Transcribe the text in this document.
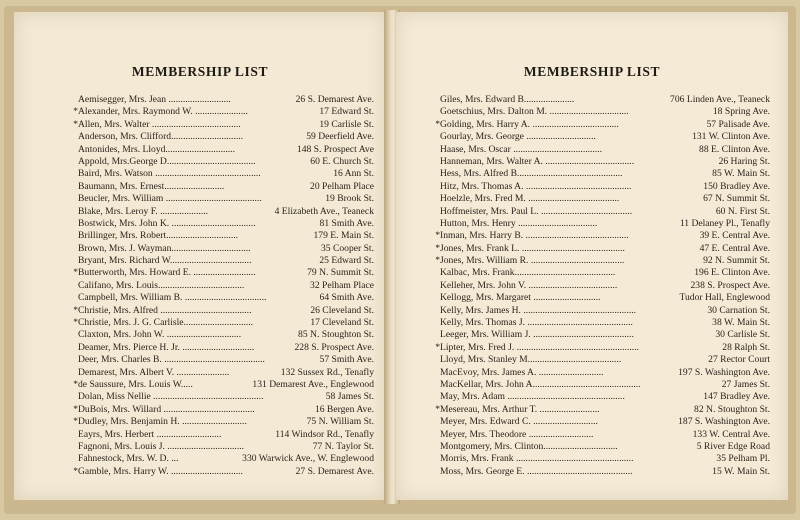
MEMBERSHIP LIST
Aemisegger, Mrs. Jean ..........................	26 S. Demarest Ave.
* Alexander, Mrs. Raymond W. ......................	17 Edward St.
* Allen, Mrs. Walter .....................................	19 Carlisle St.
Anderson, Mrs. Clifford..............................	59 Deerfield Ave.
Antonides, Mrs. Lloyd.............................	148 S. Prospect Ave
Appold, Mrs.George D.....................................	60 E. Church St.
Baird, Mrs. Watson ............................................	16 Ann St.
Baumann, Mrs. Ernest.........................	20 Pelham Place
Beucler, Mrs. William ........................................	19 Brook St.
Blake, Mrs. Leroy F. ....................	4 Elizabeth Ave., Teaneck
Bostwick, Mrs. John K. ...................................	81 Smith Ave.
Brillinger, Mrs. Robert..............................	179 E. Main St.
Brown, Mrs. J. Wayman.................................	35 Cooper St.
Bryant, Mrs. Richard W..................................	25 Edward St.
* Butterworth, Mrs. Howard E. ..........................	79 N. Summit St.
Califano, Mrs. Louis....................................	32 Pelham Place
Campbell, Mrs. William B. ..................................	64 Smith Ave.
* Christie, Mrs. Alfred ......................................	26 Cleveland St.
* Christie, Mrs. J. G. Carlisle.............................	17 Cleveland St.
Claxton, Mrs. John W. ...............................	85 N. Stoughton St.
Deamer, Mrs. Pierce H. Jr. ..............................	228 S. Prospect Ave.
Deer, Mrs. Charles B. ..........................................	57 Smith Ave.
Demarest, Mrs. Albert V. ......................	132 Sussex Rd., Tenafly
* de Saussure, Mrs. Louis W.....	131 Demarest Ave., Englewood
Dolan, Miss Nellie ..............................................	58 James St.
* DuBois, Mrs. Willard ......................................	16 Bergen Ave.
* Dudley, Mrs. Benjamin H. ...........................	75 N. William St.
Eayrs, Mrs. Herbert ...........................	114 Windsor Rd., Tenafly
Fagnoni, Mrs. Louis J. ................................	77 N. Taylor St.
Fahnestock, Mrs. W. D. ...	330 Warwick Ave., W. Englewood
* Gamble, Mrs. Harry W. ..............................	27 S. Demarest Ave.
MEMBERSHIP LIST
Giles, Mrs. Edward B.....................	706 Linden Ave., Teaneck
Goetschius, Mrs. Dalton M. .................................	18 Spring Ave.
* Golding, Mrs. Harry A. ....................................	57 Palisade Ave.
Gourlay, Mrs. George .............................	131 W. Clinton Ave.
Haase, Mrs. Oscar .....................................	88 E. Clinton Ave.
Hanneman, Mrs. Walter A. .....................................	26 Haring St.
Hess, Mrs. Alfred B............................................	85 W. Main St.
Hitz, Mrs. Thomas A. ............................................	150 Bradley Ave.
Hoelzle, Mrs. Fred M. ......................................	67 N. Summit St.
Hoffmeister, Mrs. Paul L. ......................................	60 N. First St.
Hutton, Mrs. Henry .................................	11 Delaney Pl., Tenafly
* Inman, Mrs. Harry B. ...........................................	39 E. Central Ave.
* Jones, Mrs. Frank L. ...........................................	47 E. Central Ave.
* Jones, Mrs. William R. .......................................	92 N. Summit St.
Kalbac, Mrs. Frank..........................................	196 E. Clinton Ave.
Kelleher, Mrs. John V. .....................................	238 S. Prospect Ave.
Kellogg, Mrs. Margaret ............................	Tudor Hall, Englewood
Kelly, Mrs. James H. ...............................................	30 Carnation St.
Kelly, Mrs. Thomas J. ............................................	38 W. Main St.
Leeger, Mrs. William J. ..........................................	30 Carlisle St.
* Lipter, Mrs. Fred J. ...................................................	28 Ralph St.
Lloyd, Mrs. Stanley M.......................................	27 Rector Court
MacEvoy, Mrs. James A. ...........................	197 S. Washington Ave.
MacKellar, Mrs. John A.............................................	27 James St.
May, Mrs. Adam .................................................	147 Bradley Ave.
* Mesereau, Mrs. Arthur T. .........................	82 N. Stoughton St.
Meyer, Mrs. Edward C. ...........................	187 S. Washington Ave.
Meyer, Mrs. Theodore ...........................	133 W. Central Ave.
Montgomery, Mrs. Clinton...............................	5 River Edge Road
Morris, Mrs. Frank .................................................	35 Pelham Pl.
Moss, Mrs. George E. ............................................	15 W. Main St.
